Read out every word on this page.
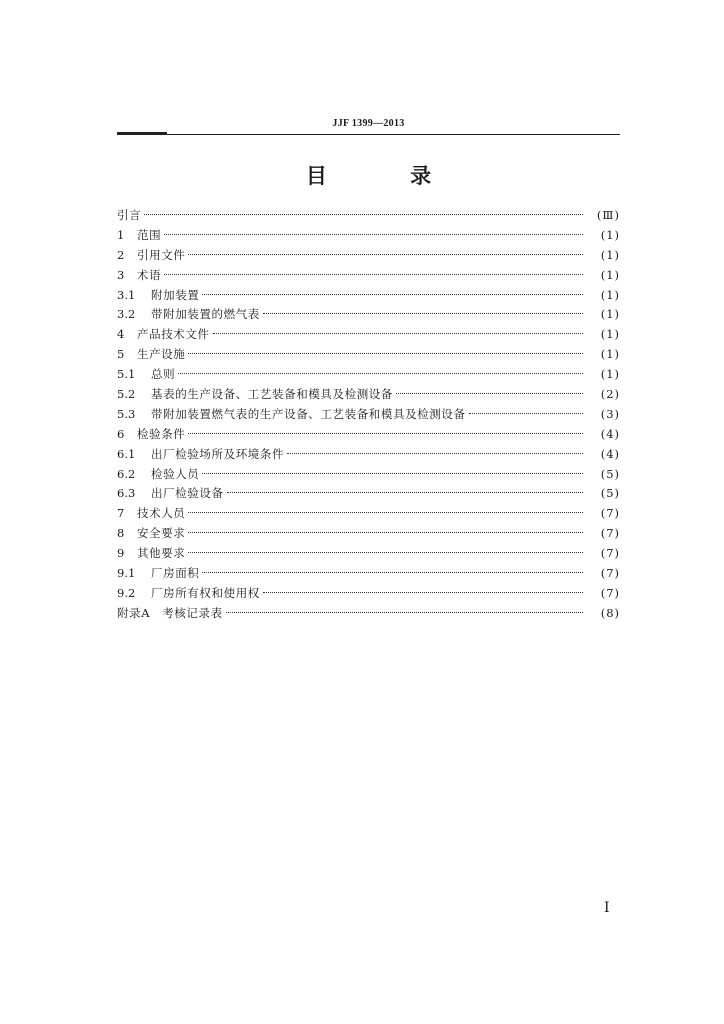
JJF 1399—2013
目 录
引言	(Ⅲ)
1	范围	(1)
2	引用文件	(1)
3	术语	(1)
3.1	附加装置	(1)
3.2	带附加装置的燃气表	(1)
4	产品技术文件	(1)
5	生产设施	(1)
5.1	总则	(1)
5.2	基表的生产设备、工艺装备和模具及检测设备	(2)
5.3	带附加装置燃气表的生产设备、工艺装备和模具及检测设备	(3)
6	检验条件	(4)
6.1	出厂检验场所及环境条件	(4)
6.2	检验人员	(5)
6.3	出厂检验设备	(5)
7	技术人员	(7)
8	安全要求	(7)
9	其他要求	(7)
9.1	厂房面积	(7)
9.2	厂房所有权和使用权	(7)
附录A　考核记录表	(8)
I
